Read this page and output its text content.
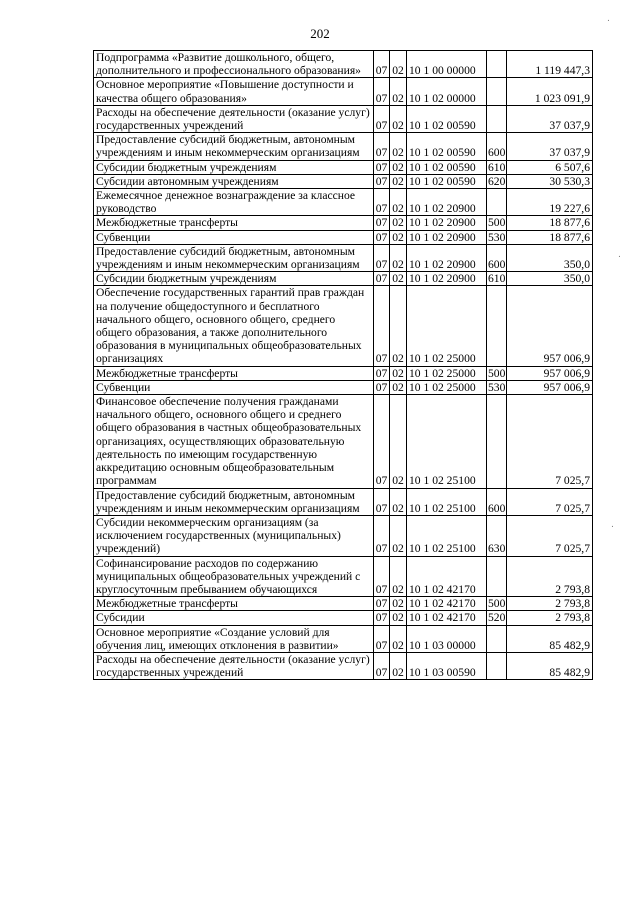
202
Подпрограмма «Развитие дошкольного, общего, дополнительного и профессионального образования»	07	02	10 1 00 00000		1 119 447,3
Основное мероприятие «Повышение доступности и качества общего образования»	07	02	10 1 02 00000		1 023 091,9
Расходы на обеспечение деятельности (оказание услуг) государственных учреждений	07	02	10 1 02 00590		37 037,9
Предоставление субсидий бюджетным, автономным учреждениям и иным некоммерческим организациям	07	02	10 1 02 00590	600	37 037,9
Субсидии бюджетным учреждениям	07	02	10 1 02 00590	610	6 507,6
Субсидии автономным учреждениям	07	02	10 1 02 00590	620	30 530,3
Ежемесячное денежное вознаграждение за классное руководство	07	02	10 1 02 20900		19 227,6
Межбюджетные трансферты	07	02	10 1 02 20900	500	18 877,6
Субвенции	07	02	10 1 02 20900	530	18 877,6
Предоставление субсидий бюджетным, автономным учреждениям и иным некоммерческим организациям	07	02	10 1 02 20900	600	350,0
Субсидии бюджетным учреждениям	07	02	10 1 02 20900	610	350,0
Обеспечение государственных гарантий прав граждан на получение общедоступного и бесплатного начального общего, основного общего, среднего общего образования, а также дополнительного образования в муниципальных общеобразовательных организациях	07	02	10 1 02 25000		957 006,9
Межбюджетные трансферты	07	02	10 1 02 25000	500	957 006,9
Субвенции	07	02	10 1 02 25000	530	957 006,9
Финансовое обеспечение получения гражданами начального общего, основного общего и среднего общего образования в частных общеобразовательных организациях, осуществляющих образовательную деятельность по имеющим государственную аккредитацию основным общеобразовательным программам	07	02	10 1 02 25100		7 025,7
Предоставление субсидий бюджетным, автономным учреждениям и иным некоммерческим организациям	07	02	10 1 02 25100	600	7 025,7
Субсидии некоммерческим организациям (за исключением государственных (муниципальных) учреждений)	07	02	10 1 02 25100	630	7 025,7
Софинансирование расходов по содержанию муниципальных общеобразовательных учреждений с круглосуточным пребыванием обучающихся	07	02	10 1 02 42170		2 793,8
Межбюджетные трансферты	07	02	10 1 02 42170	500	2 793,8
Субсидии	07	02	10 1 02 42170	520	2 793,8
Основное мероприятие «Создание условий для обучения лиц, имеющих отклонения в развитии»	07	02	10 1 03 00000		85 482,9
Расходы на обеспечение деятельности (оказание услуг) государственных учреждений	07	02	10 1 03 00590		85 482,9
.
.
.
